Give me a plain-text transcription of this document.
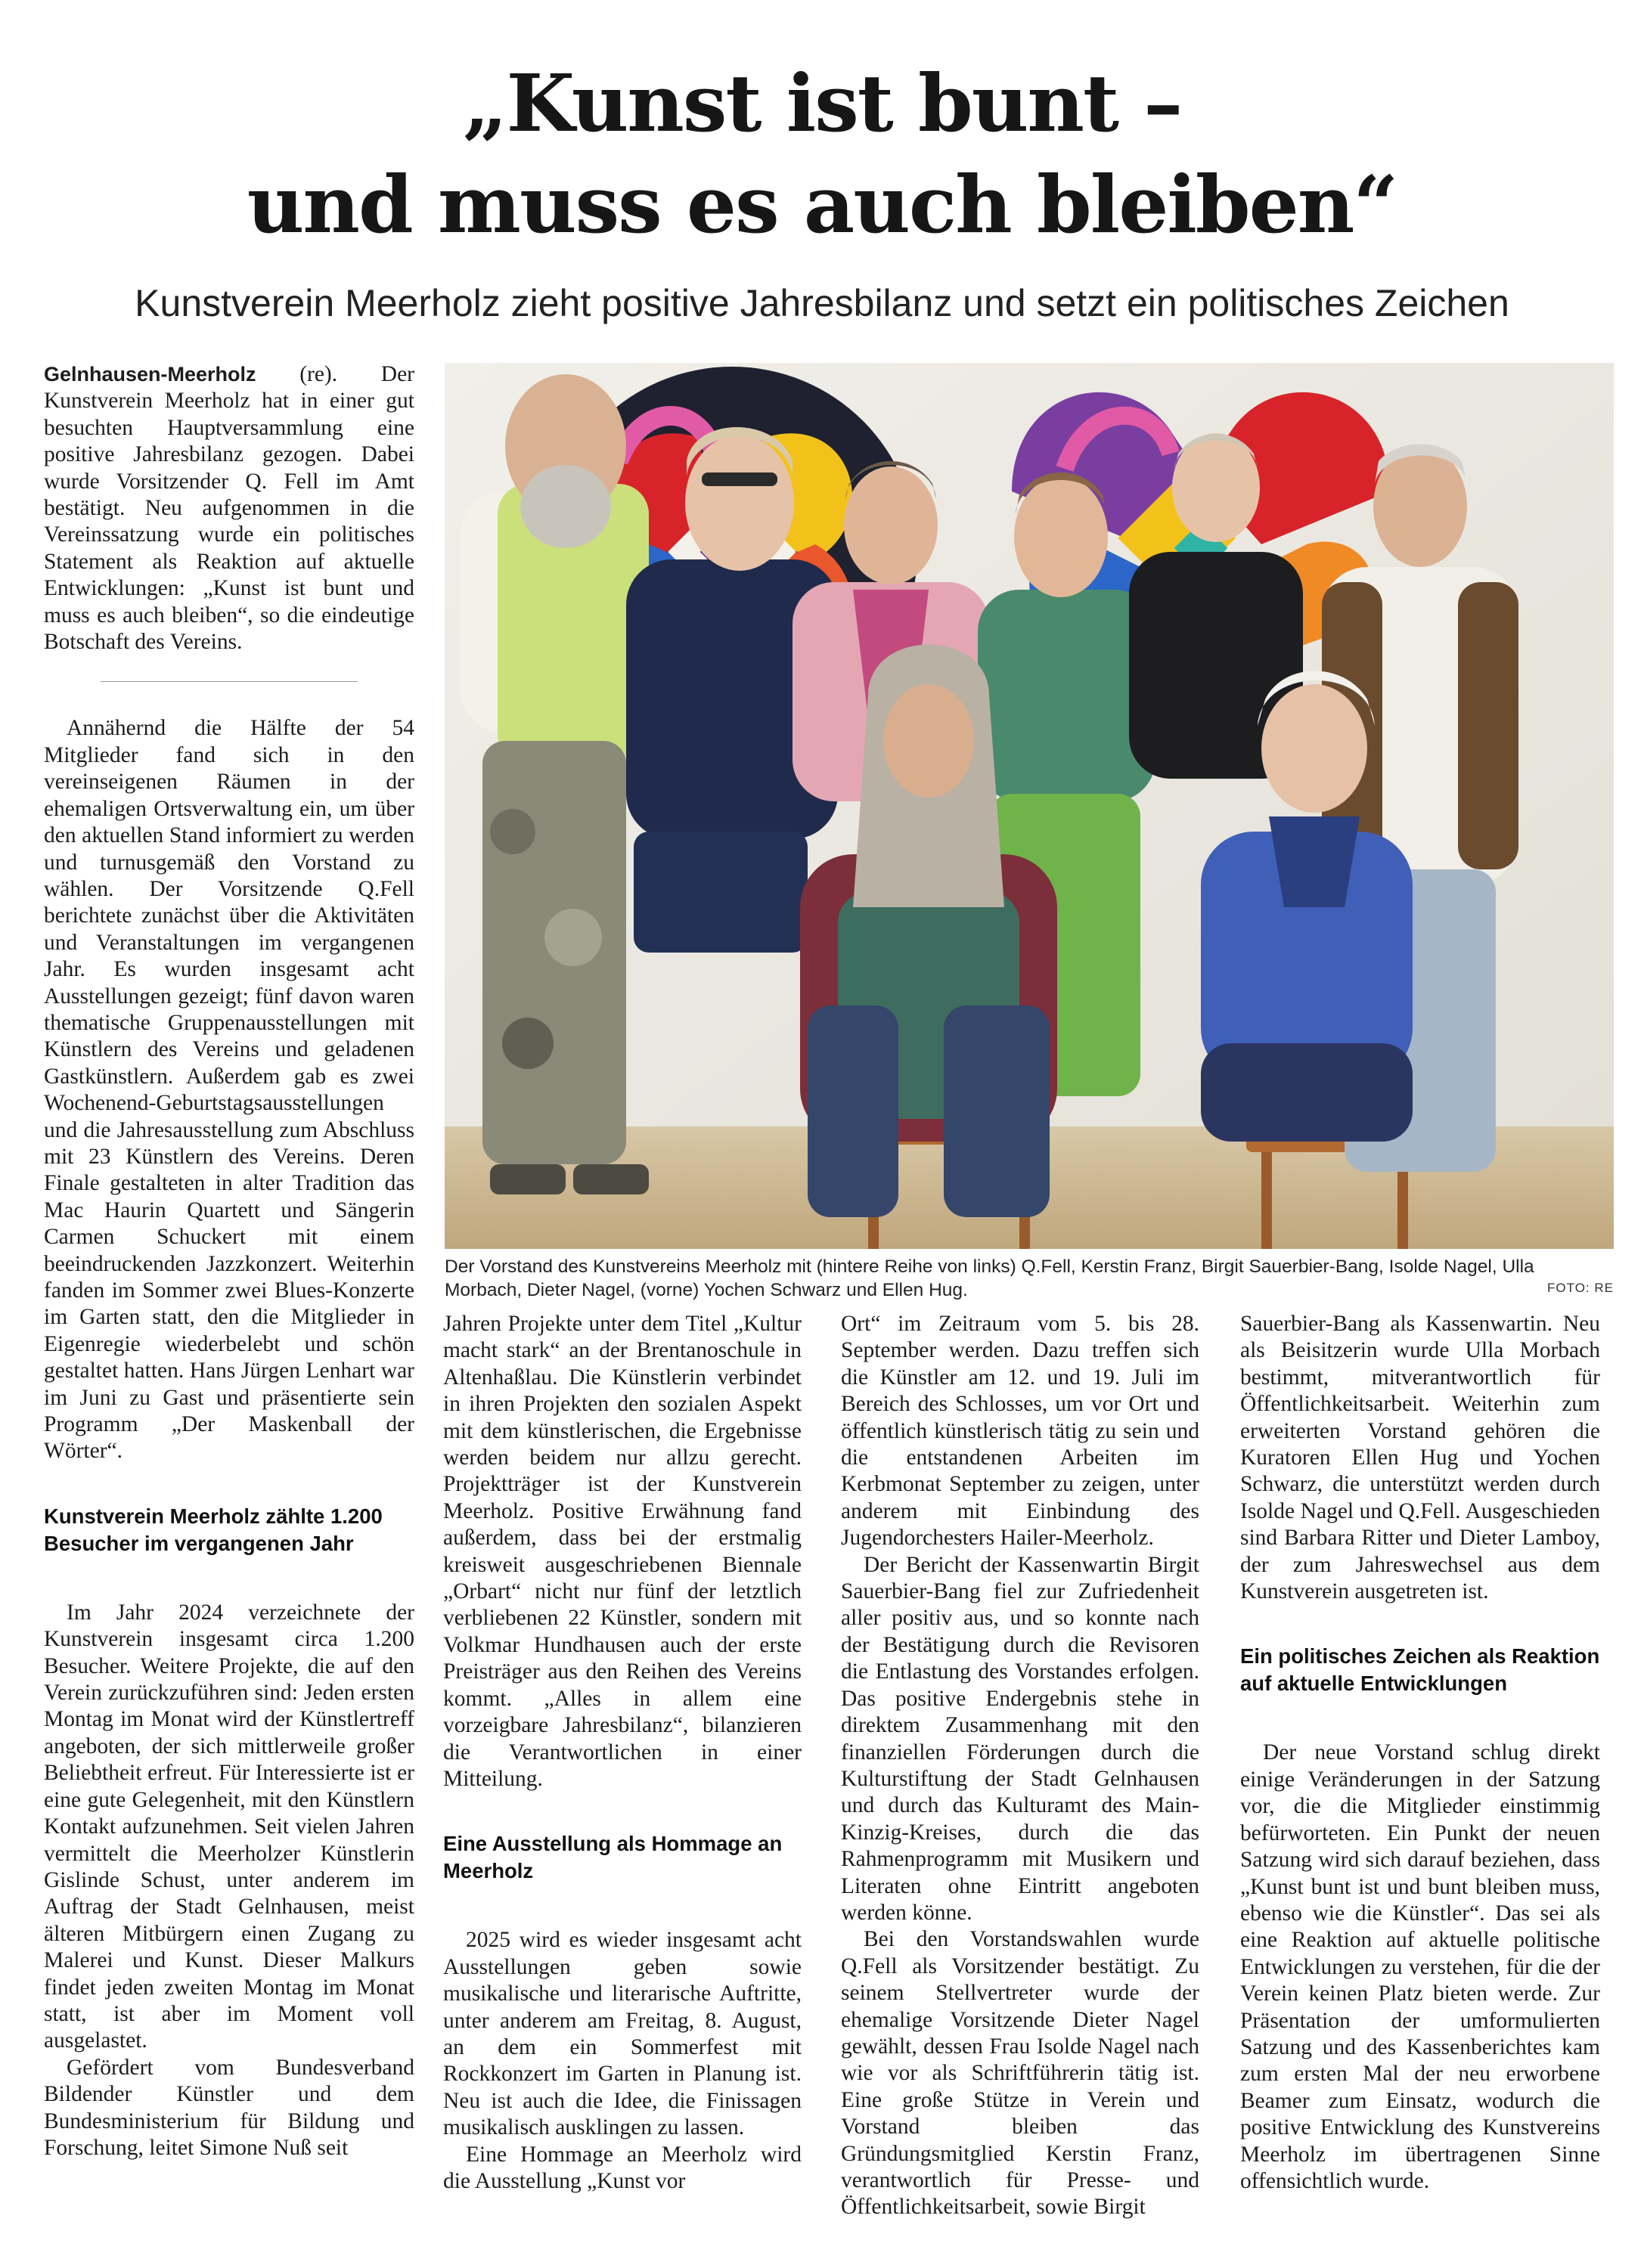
„Kunst ist bunt –
und muss es auch bleiben“
Kunstverein Meerholz zieht positive Jahresbilanz und setzt ein politisches Zeichen

Gelnhausen-Meerholz (re). Der Kunstverein Meerholz hat in einer gut besuchten Hauptversammlung eine positive Jahresbilanz gezogen. Dabei wurde Vorsitzender Q. Fell im Amt bestätigt. Neu aufgenommen in die Vereinssatzung wurde ein politisches Statement als Reaktion auf aktuelle Entwicklungen: „Kunst ist bunt und muss es auch bleiben“, so die eindeutige Botschaft des Vereins.

Annähernd die Hälfte der 54 Mitglieder fand sich in den vereinseigenen Räumen in der ehemaligen Ortsverwaltung ein, um über den aktuellen Stand informiert zu werden und turnusgemäß den Vorstand zu wählen. Der Vorsitzende Q.Fell berichtete zunächst über die Aktivitäten und Veranstaltungen im vergangenen Jahr. Es wurden insgesamt acht Ausstellungen gezeigt; fünf davon waren thematische Gruppenausstellungen mit Künstlern des Vereins und geladenen Gastkünstlern. Außerdem gab es zwei Wochenend-Geburtstagsausstellungen und die Jahresausstellung zum Abschluss mit 23 Künstlern des Vereins. Deren Finale gestalteten in alter Tradition das Mac Haurin Quartett und Sängerin Carmen Schuckert mit einem beeindruckenden Jazzkonzert. Weiterhin fanden im Sommer zwei Blues-Konzerte im Garten statt, den die Mitglieder in Eigenregie wiederbelebt und schön gestaltet hatten. Hans Jürgen Lenhart war im Juni zu Gast und präsentierte sein Programm „Der Maskenball der Wörter“.

Kunstverein Meerholz zählte 1.200 Besucher im vergangenen Jahr

Im Jahr 2024 verzeichnete der Kunstverein insgesamt circa 1.200 Besucher. Weitere Projekte, die auf den Verein zurückzuführen sind: Jeden ersten Montag im Monat wird der Künstlertreff angeboten, der sich mittlerweile großer Beliebtheit erfreut. Für Interessierte ist er eine gute Gelegenheit, mit den Künstlern Kontakt aufzunehmen. Seit vielen Jahren vermittelt die Meerholzer Künstlerin Gislinde Schust, unter anderem im Auftrag der Stadt Gelnhausen, meist älteren Mitbürgern einen Zugang zu Malerei und Kunst. Dieser Malkurs findet jeden zweiten Montag im Monat statt, ist aber im Moment voll ausgelastet.

Gefördert vom Bundesverband Bildender Künstler und dem Bundesministerium für Bildung und Forschung, leitet Simone Nuß seit

Der Vorstand des Kunstvereins Meerholz mit (hintere Reihe von links) Q.Fell, Kerstin Franz, Birgit Sauerbier-Bang, Isolde Nagel, Ulla Morbach, Dieter Nagel, (vorne) Yochen Schwarz und Ellen Hug.	FOTO: RE

Jahren Projekte unter dem Titel „Kultur macht stark“ an der Brentanoschule in Altenhaßlau. Die Künstlerin verbindet in ihren Projekten den sozialen Aspekt mit dem künstlerischen, die Ergebnisse werden beidem nur allzu gerecht. Projektträger ist der Kunstverein Meerholz. Positive Erwähnung fand außerdem, dass bei der erstmalig kreisweit ausgeschriebenen Biennale „Orbart“ nicht nur fünf der letztlich verbliebenen 22 Künstler, sondern mit Volkmar Hundhausen auch der erste Preisträger aus den Reihen des Vereins kommt. „Alles in allem eine vorzeigbare Jahresbilanz“, bilanzieren die Verantwortlichen in einer Mitteilung.

Eine Ausstellung als Hommage an Meerholz

2025 wird es wieder insgesamt acht Ausstellungen geben sowie musikalische und literarische Auftritte, unter anderem am Freitag, 8. August, an dem ein Sommerfest mit Rockkonzert im Garten in Planung ist. Neu ist auch die Idee, die Finissagen musikalisch ausklingen zu lassen.

Eine Hommage an Meerholz wird die Ausstellung „Kunst vor

Ort“ im Zeitraum vom 5. bis 28. September werden. Dazu treffen sich die Künstler am 12. und 19. Juli im Bereich des Schlosses, um vor Ort und öffentlich künstlerisch tätig zu sein und die entstandenen Arbeiten im Kerbmonat September zu zeigen, unter anderem mit Einbindung des Jugendorchesters Hailer-Meerholz.

Der Bericht der Kassenwartin Birgit Sauerbier-Bang fiel zur Zufriedenheit aller positiv aus, und so konnte nach der Bestätigung durch die Revisoren die Entlastung des Vorstandes erfolgen. Das positive Endergebnis stehe in direktem Zusammenhang mit den finanziellen Förderungen durch die Kulturstiftung der Stadt Gelnhausen und durch das Kulturamt des Main-Kinzig-Kreises, durch die das Rahmenprogramm mit Musikern und Literaten ohne Eintritt angeboten werden könne.

Bei den Vorstandswahlen wurde Q.Fell als Vorsitzender bestätigt. Zu seinem Stellvertreter wurde der ehemalige Vorsitzende Dieter Nagel gewählt, dessen Frau Isolde Nagel nach wie vor als Schriftführerin tätig ist. Eine große Stütze in Verein und Vorstand bleiben das Gründungsmitglied Kerstin Franz, verantwortlich für Presse- und Öffentlichkeitsarbeit, sowie Birgit

Sauerbier-Bang als Kassenwartin. Neu als Beisitzerin wurde Ulla Morbach bestimmt, mitverantwortlich für Öffentlichkeitsarbeit. Weiterhin zum erweiterten Vorstand gehören die Kuratoren Ellen Hug und Yochen Schwarz, die unterstützt werden durch Isolde Nagel und Q.Fell. Ausgeschieden sind Barbara Ritter und Dieter Lamboy, der zum Jahreswechsel aus dem Kunstverein ausgetreten ist.

Ein politisches Zeichen als Reaktion auf aktuelle Entwicklungen

Der neue Vorstand schlug direkt einige Veränderungen in der Satzung vor, die die Mitglieder einstimmig befürworteten. Ein Punkt der neuen Satzung wird sich darauf beziehen, dass „Kunst bunt ist und bunt bleiben muss, ebenso wie die Künstler“. Das sei als eine Reaktion auf aktuelle politische Entwicklungen zu verstehen, für die der Verein keinen Platz bieten werde. Zur Präsentation der umformulierten Satzung und des Kassenberichtes kam zum ersten Mal der neu erworbene Beamer zum Einsatz, wodurch die positive Entwicklung des Kunstvereins Meerholz im übertragenen Sinne offensichtlich wurde.
